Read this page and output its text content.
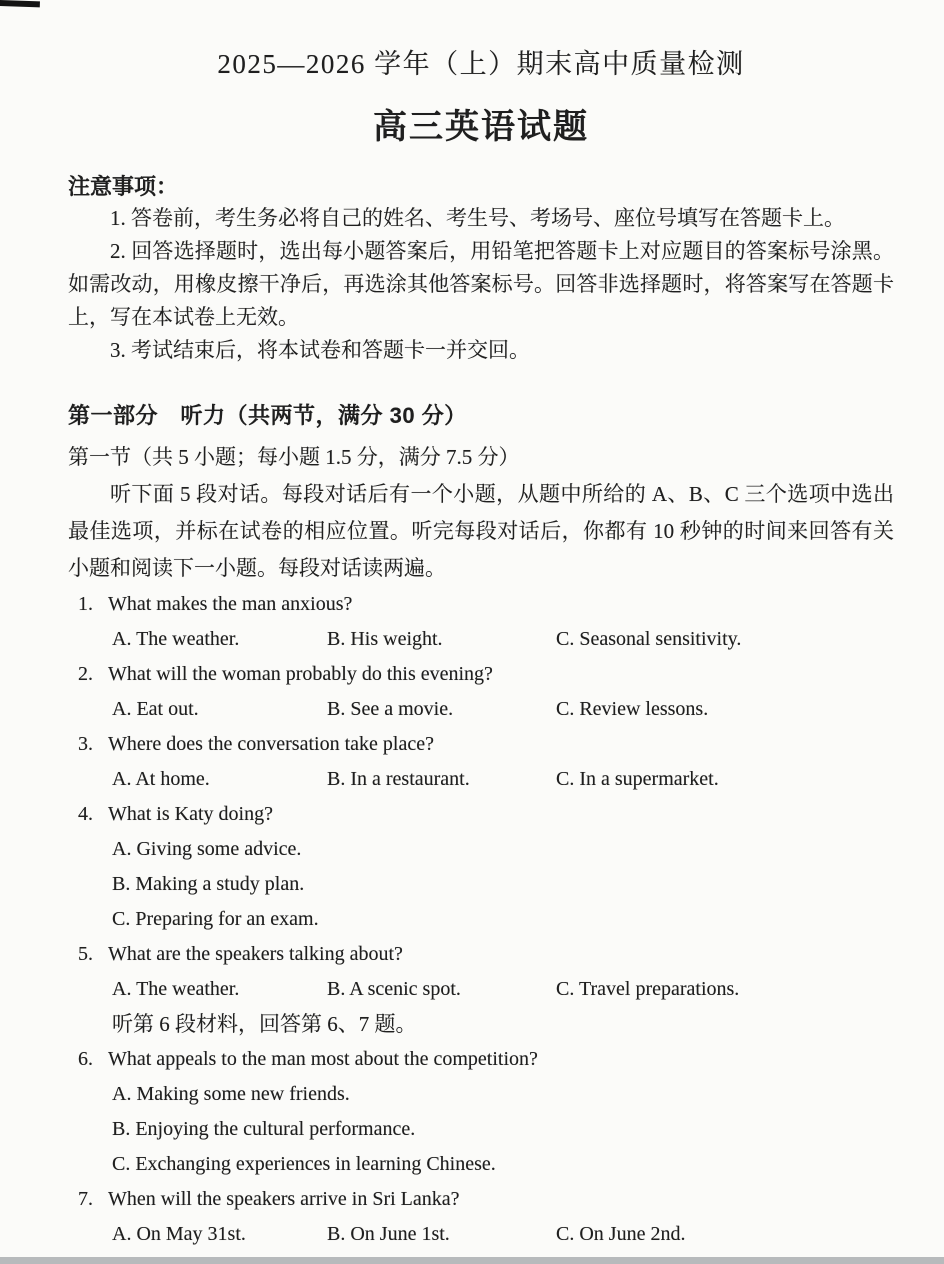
2025—2026 学年（上）期末高中质量检测
高三英语试题
注意事项：

1. 答卷前，考生务必将自己的姓名、考生号、考场号、座位号填写在答题卡上。

2. 回答选择题时，选出每小题答案后，用铅笔把答题卡上对应题目的答案标号涂黑。如需改动，用橡皮擦干净后，再选涂其他答案标号。回答非选择题时，将答案写在答题卡上，写在本试卷上无效。

3. 考试结束后，将本试卷和答题卡一并交回。

第一部分　听力（共两节，满分 30 分）
第一节（共 5 小题；每小题 1.5 分，满分 7.5 分）

听下面 5 段对话。每段对话后有一个小题，从题中所给的 A、B、C 三个选项中选出最佳选项，并标在试卷的相应位置。听完每段对话后，你都有 10 秒钟的时间来回答有关小题和阅读下一小题。每段对话读两遍。

1. What makes the man anxious?
A. The weather.	B. His weight.	C. Seasonal sensitivity.
2. What will the woman probably do this evening?
A. Eat out.	B. See a movie.	C. Review lessons.
3. Where does the conversation take place?
A. At home.	B. In a restaurant.	C. In a supermarket.
4. What is Katy doing?
A. Giving some advice.
B. Making a study plan.
C. Preparing for an exam.
5. What are the speakers talking about?
A. The weather.	B. A scenic spot.	C. Travel preparations.
听第 6 段材料，回答第 6、7 题。
6. What appeals to the man most about the competition?
A. Making some new friends.
B. Enjoying the cultural performance.
C. Exchanging experiences in learning Chinese.
7. When will the speakers arrive in Sri Lanka?
A. On May 31st.	B. On June 1st.	C. On June 2nd.
